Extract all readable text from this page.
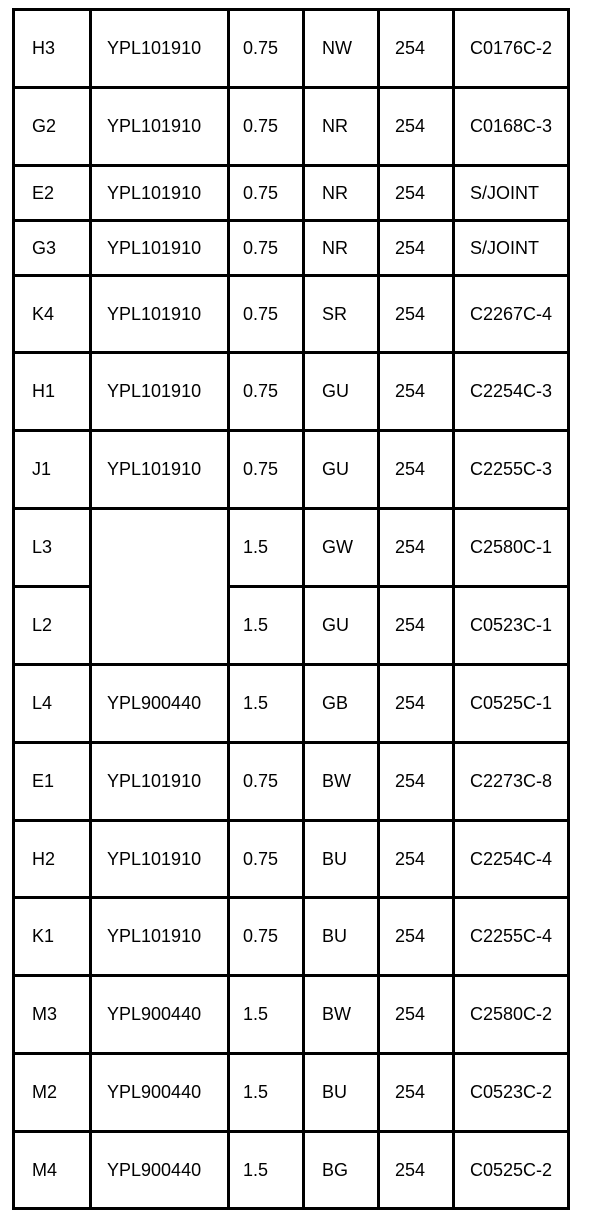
H3	YPL101910	0.75	NW	254	C0176C-2

G2	YPL101910	0.75	NR	254	C0168C-3

E2	YPL101910	0.75	NR	254	S/JOINT

G3	YPL101910	0.75	NR	254	S/JOINT

K4	YPL101910	0.75	SR	254	C2267C-4

H1	YPL101910	0.75	GU	254	C2254C-3

J1	YPL101910	0.75	GU	254	C2255C-3

L3		1.5	GW	254	C2580C-1

L2		1.5	GU	254	C0523C-1

L4	YPL900440	1.5	GB	254	C0525C-1

E1	YPL101910	0.75	BW	254	C2273C-8

H2	YPL101910	0.75	BU	254	C2254C-4

K1	YPL101910	0.75	BU	254	C2255C-4

M3	YPL900440	1.5	BW	254	C2580C-2

M2	YPL900440	1.5	BU	254	C0523C-2

M4	YPL900440	1.5	BG	254	C0525C-2
